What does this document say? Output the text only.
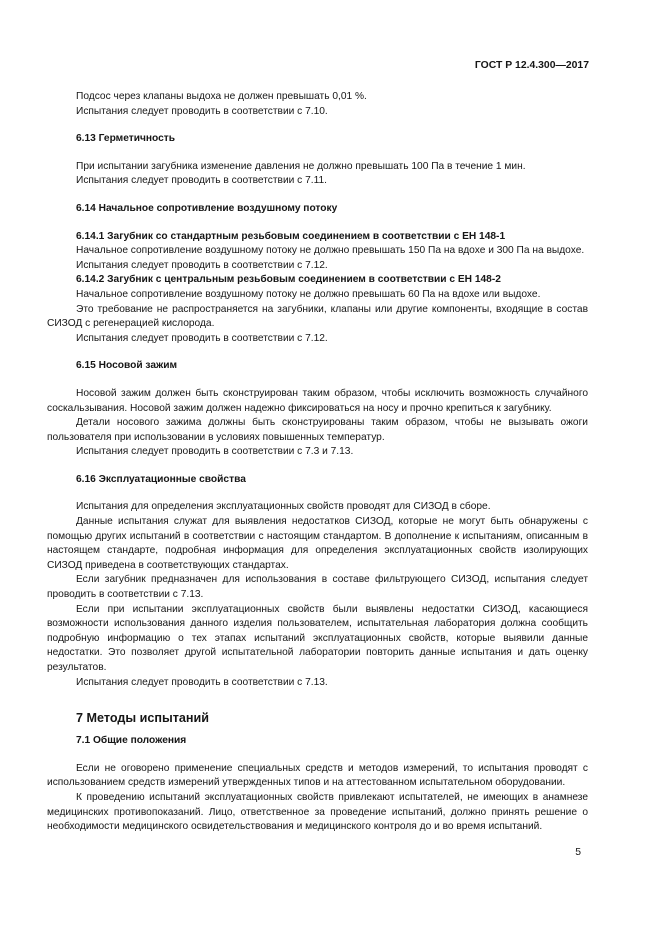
ГОСТ Р 12.4.300—2017

Подсос через клапаны выдоха не должен превышать 0,01 %.

Испытания следует проводить в соответствии с 7.10.

6.13 Герметичность

При испытании загубника изменение давления не должно превышать 100 Па в течение 1 мин.

Испытания следует проводить в соответствии с 7.11.

6.14 Начальное сопротивление воздушному потоку
6.14.1 Загубник со стандартным резьбовым соединением в соответствии с ЕН 148-1

Начальное сопротивление воздушному потоку не должно превышать 150 Па на вдохе и 300 Па на выдохе.

Испытания следует проводить в соответствии с 7.12.

6.14.2 Загубник с центральным резьбовым соединением в соответствии с ЕН 148-2

Начальное сопротивление воздушному потоку не должно превышать 60 Па на вдохе или выдохе.

Это требование не распространяется на загубники, клапаны или другие компоненты, входящие в состав СИЗОД с регенерацией кислорода.

Испытания следует проводить в соответствии с 7.12.

6.15 Носовой зажим

Носовой зажим должен быть сконструирован таким образом, чтобы исключить возможность случайного соскальзывания. Носовой зажим должен надежно фиксироваться на носу и прочно крепиться к загубнику.

Детали носового зажима должны быть сконструированы таким образом, чтобы не вызывать ожоги пользователя при использовании в условиях повышенных температур.

Испытания следует проводить в соответствии с 7.3 и 7.13.

6.16 Эксплуатационные свойства

Испытания для определения эксплуатационных свойств проводят для СИЗОД в сборе.

Данные испытания служат для выявления недостатков СИЗОД, которые не могут быть обнаружены с помощью других испытаний в соответствии с настоящим стандартом. В дополнение к испытаниям, описанным в настоящем стандарте, подробная информация для определения эксплуатационных свойств изолирующих СИЗОД приведена в соответствующих стандартах.

Если загубник предназначен для использования в составе фильтрующего СИЗОД, испытания следует проводить в соответствии с 7.13.

Если при испытании эксплуатационных свойств были выявлены недостатки СИЗОД, касающиеся возможности использования данного изделия пользователем, испытательная лаборатория должна сообщить подробную информацию о тех этапах испытаний эксплуатационных свойств, которые выявили данные недостатки. Это позволяет другой испытательной лаборатории повторить данные испытания и дать оценку результатов.

Испытания следует проводить в соответствии с 7.13.

7 Методы испытаний
7.1 Общие положения

Если не оговорено применение специальных средств и методов измерений, то испытания проводят с использованием средств измерений утвержденных типов и на аттестованном испытательном оборудовании.

К проведению испытаний эксплуатационных свойств привлекают испытателей, не имеющих в анамнезе медицинских противопоказаний. Лицо, ответственное за проведение испытаний, должно принять решение о необходимости медицинского освидетельствования и медицинского контроля до и во время испытаний.

5
